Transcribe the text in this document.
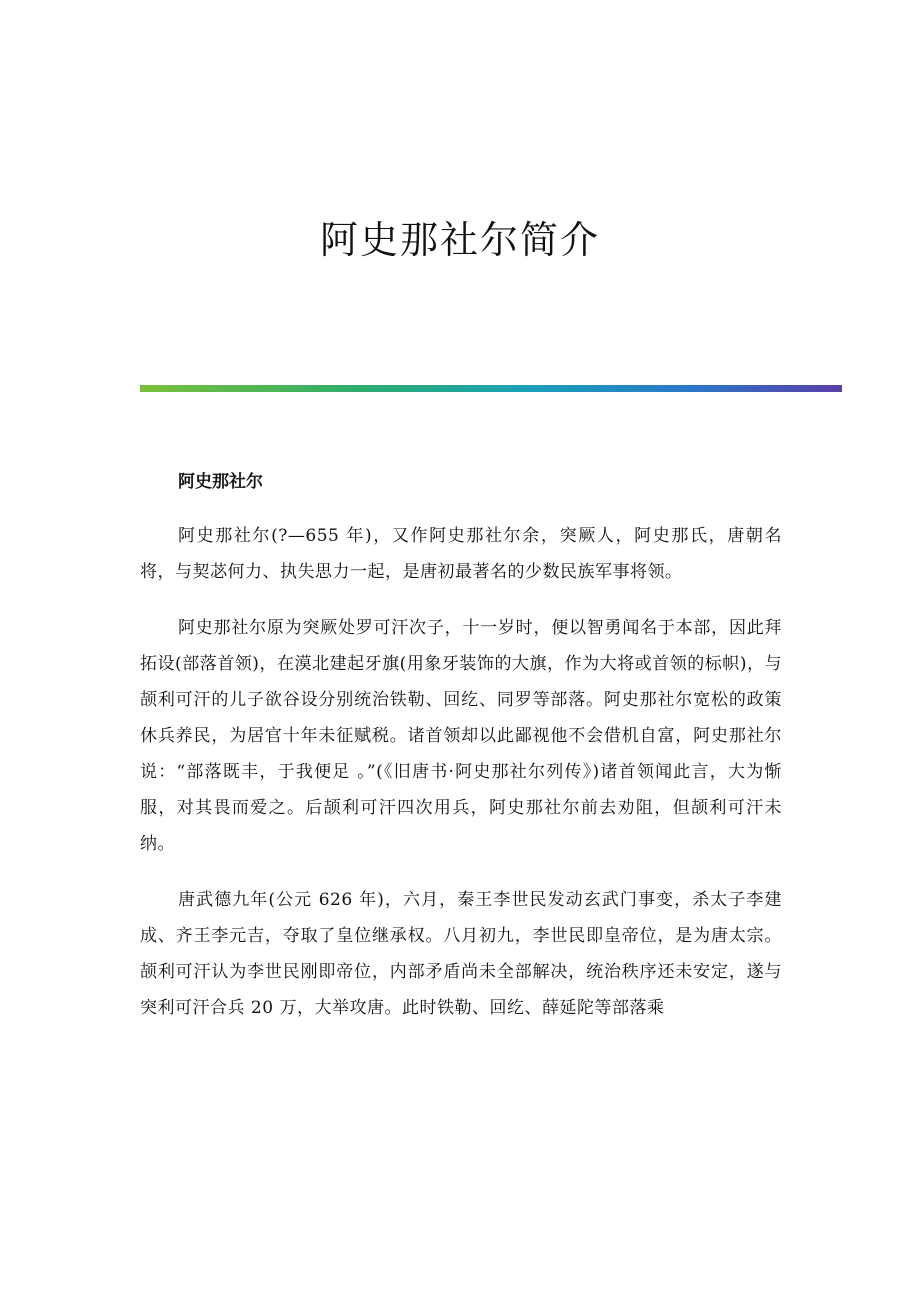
阿史那社尔简介

阿史那社尔

阿史那社尔(?—655 年)，又作阿史那社尔余，突厥人，阿史那氏，唐朝名将，与契苾何力、执失思力一起，是唐初最著名的少数民族军事将领。

阿史那社尔原为突厥处罗可汗次子，十一岁时，便以智勇闻名于本部，因此拜拓设(部落首领)，在漠北建起牙旗(用象牙装饰的大旗，作为大将或首领的标帜)，与颉利可汗的儿子欲谷设分别统治铁勒、回纥、同罗等部落。阿史那社尔宽松的政策休兵养民，为居官十年未征赋税。诸首领却以此鄙视他不会借机自富，阿史那社尔说：“部落既丰，于我便足 。”(《旧唐书·阿史那社尔列传》)诸首领闻此言，大为惭服，对其畏而爱之。后颉利可汗四次用兵，阿史那社尔前去劝阻，但颉利可汗未纳。

唐武德九年(公元 626 年)，六月，秦王李世民发动玄武门事变，杀太子李建成、齐王李元吉，夺取了皇位继承权。八月初九，李世民即皇帝位，是为唐太宗。颉利可汗认为李世民刚即帝位，内部矛盾尚未全部解决，统治秩序还未安定，遂与突利可汗合兵 20 万，大举攻唐。此时铁勒、回纥、薛延陀等部落乘
